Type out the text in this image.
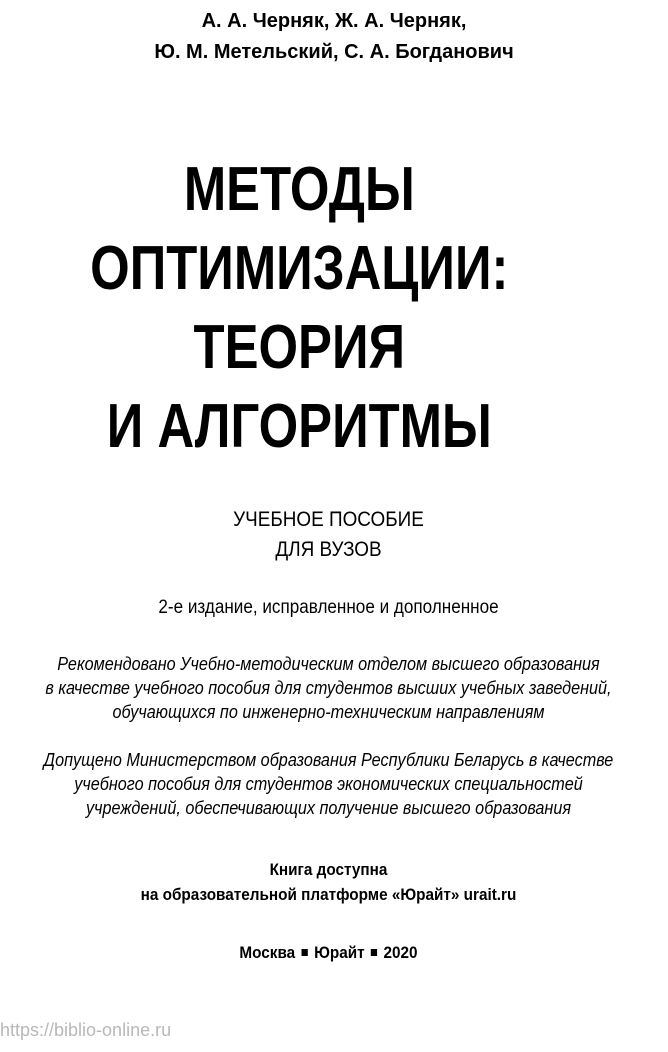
А. А. Черняк, Ж. А. Черняк,
Ю. М. Метельский, С. А. Богданович
МЕТОДЫ
ОПТИМИЗАЦИИ:
ТЕОРИЯ
И АЛГОРИТМЫ
УЧЕБНОЕ ПОСОБИЕ
ДЛЯ ВУЗОВ
2-е издание, исправленное и дополненное
Рекомендовано Учебно-методическим отделом высшего образования
в качестве учебного пособия для студентов высших учебных заведений,
обучающихся по инженерно-техническим направлениям
Допущено Министерством образования Республики Беларусь в качестве
учебного пособия для студентов экономических специальностей
учреждений, обеспечивающих получение высшего образования
Книга доступна
на образовательной платформе «Юрайт» urait.ru
Москва Юрайт 2020
https://biblio-online.ru
